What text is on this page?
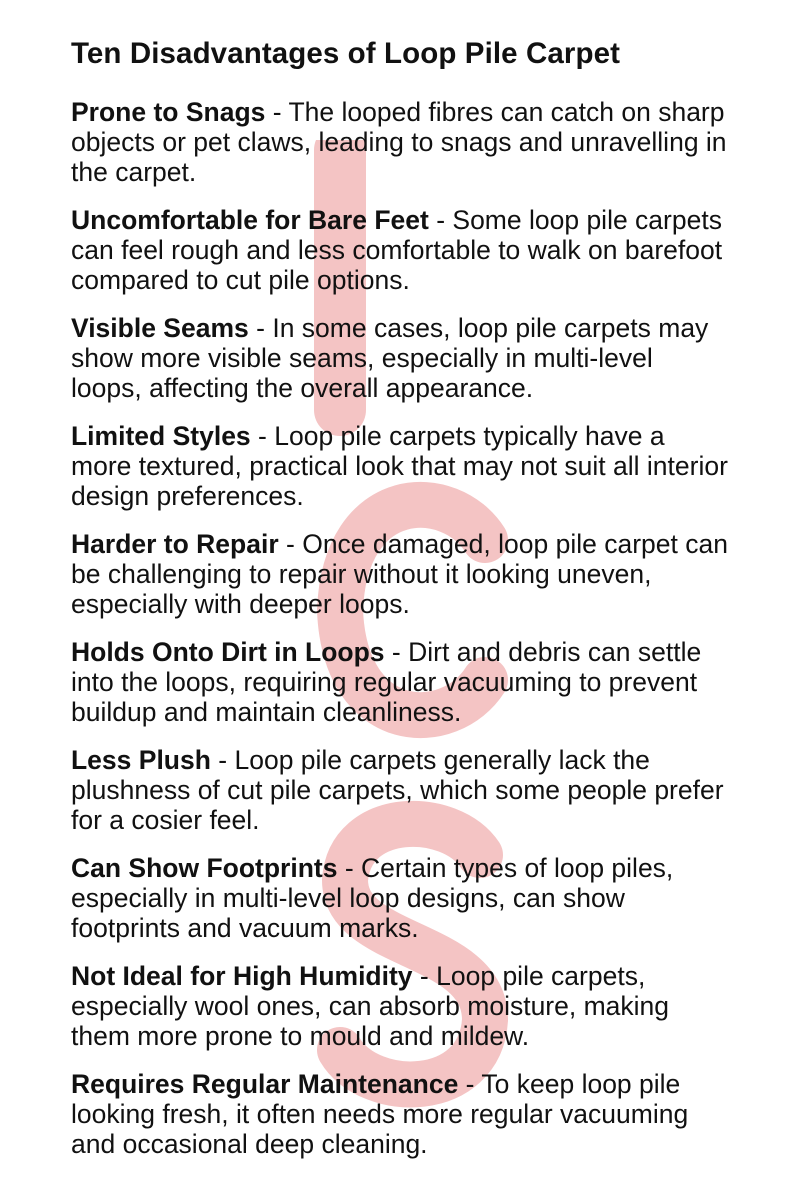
Ten Disadvantages of Loop Pile Carpet

Prone to Snags - The looped fibres can catch on sharp objects or pet claws, leading to snags and unravelling in the carpet.

Uncomfortable for Bare Feet - Some loop pile carpets can feel rough and less comfortable to walk on barefoot compared to cut pile options.

Visible Seams - In some cases, loop pile carpets may show more visible seams, especially in multi-level loops, affecting the overall appearance.

Limited Styles - Loop pile carpets typically have a more textured, practical look that may not suit all interior design preferences.

Harder to Repair - Once damaged, loop pile carpet can be challenging to repair without it looking uneven, especially with deeper loops.

Holds Onto Dirt in Loops - Dirt and debris can settle into the loops, requiring regular vacuuming to prevent buildup and maintain cleanliness.

Less Plush - Loop pile carpets generally lack the plushness of cut pile carpets, which some people prefer for a cosier feel.

Can Show Footprints - Certain types of loop piles, especially in multi-level loop designs, can show footprints and vacuum marks.

Not Ideal for High Humidity - Loop pile carpets, especially wool ones, can absorb moisture, making them more prone to mould and mildew.

Requires Regular Maintenance - To keep loop pile looking fresh, it often needs more regular vacuuming and occasional deep cleaning.
